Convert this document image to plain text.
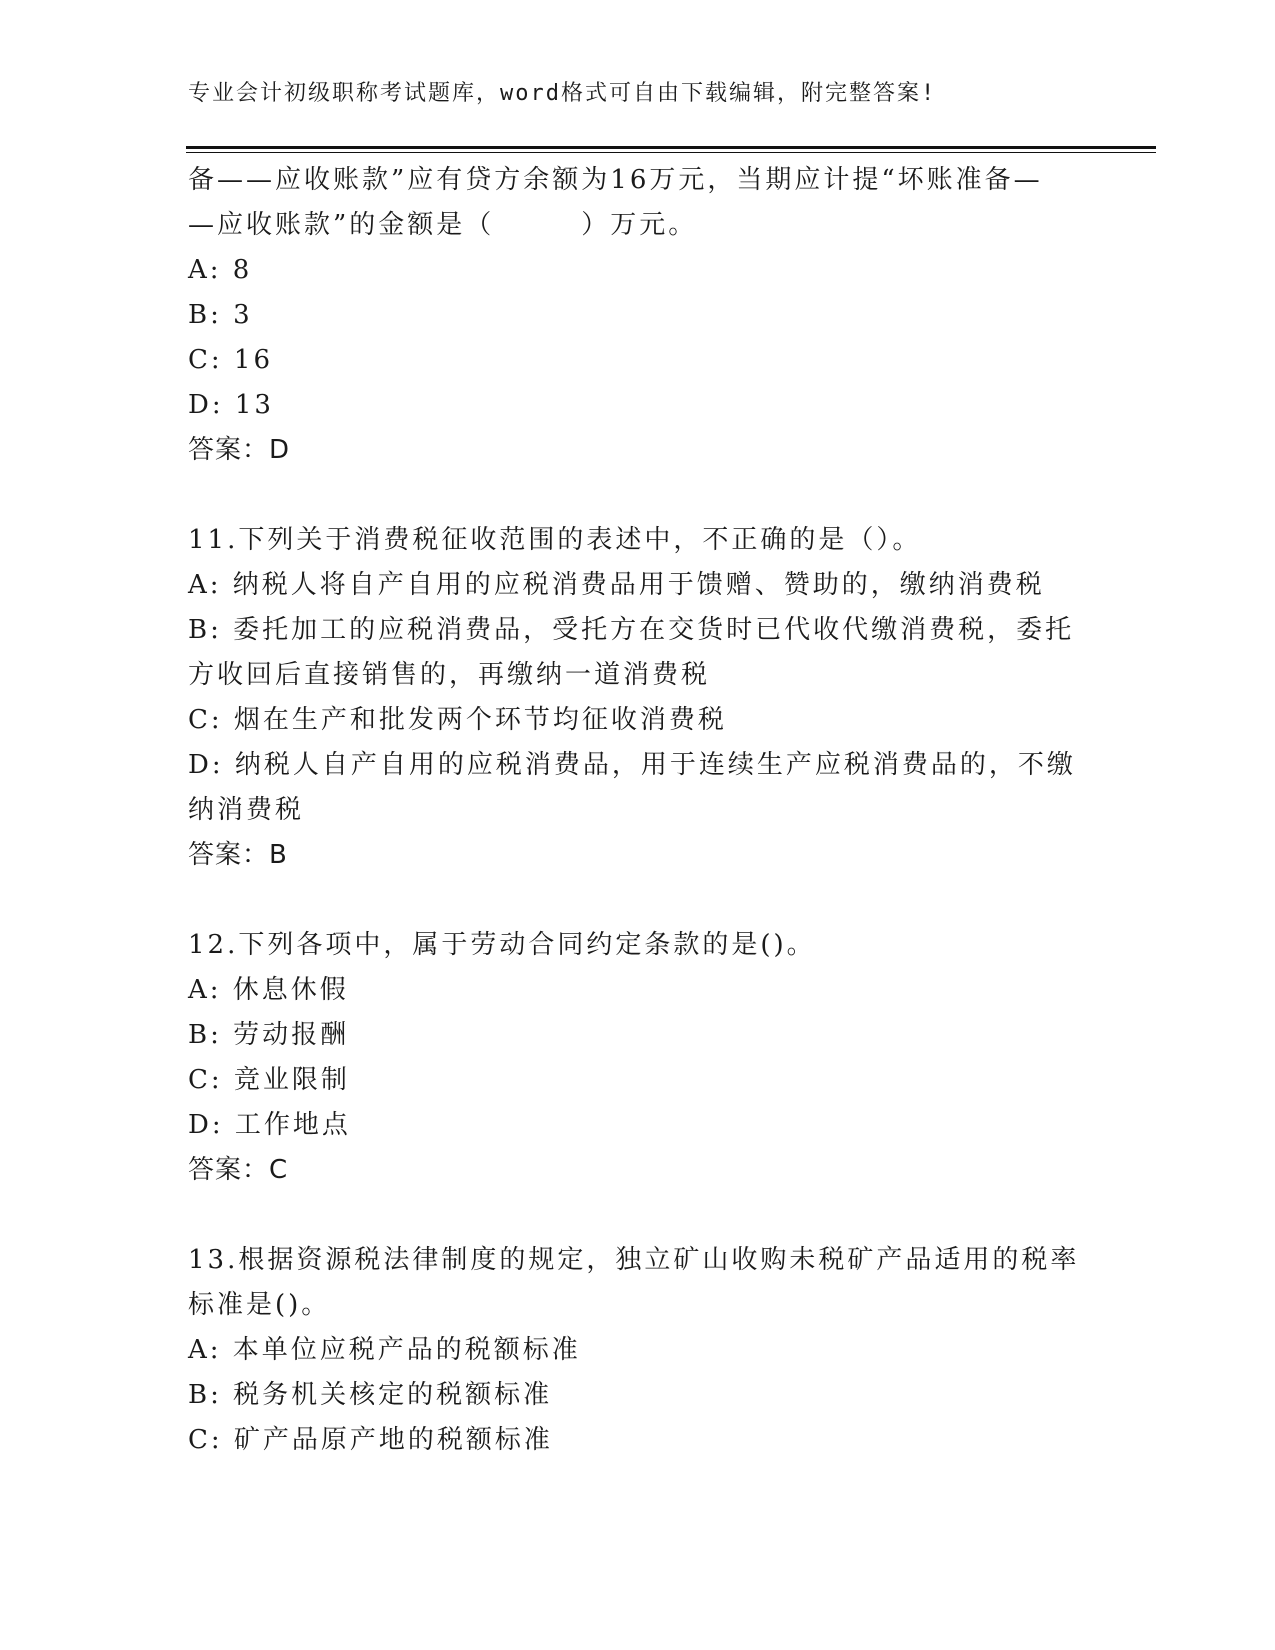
专业会计初级职称考试题库，word格式可自由下载编辑，附完整答案!
备——应收账款”应有贷方余额为16万元，当期应计提“坏账准备—
—应收账款”的金额是（　　　）万元。
A: 8
B: 3
C: 16
D: 13
答案：D
11.下列关于消费税征收范围的表述中，不正确的是（）。
A: 纳税人将自产自用的应税消费品用于馈赠、赞助的，缴纳消费税
B: 委托加工的应税消费品，受托方在交货时已代收代缴消费税，委托
方收回后直接销售的，再缴纳一道消费税
C: 烟在生产和批发两个环节均征收消费税
D: 纳税人自产自用的应税消费品，用于连续生产应税消费品的，不缴
纳消费税
答案：B
12.下列各项中，属于劳动合同约定条款的是()。
A: 休息休假
B: 劳动报酬
C: 竞业限制
D: 工作地点
答案：C
13.根据资源税法律制度的规定，独立矿山收购未税矿产品适用的税率
标准是()。
A: 本单位应税产品的税额标准
B: 税务机关核定的税额标准
C: 矿产品原产地的税额标准
